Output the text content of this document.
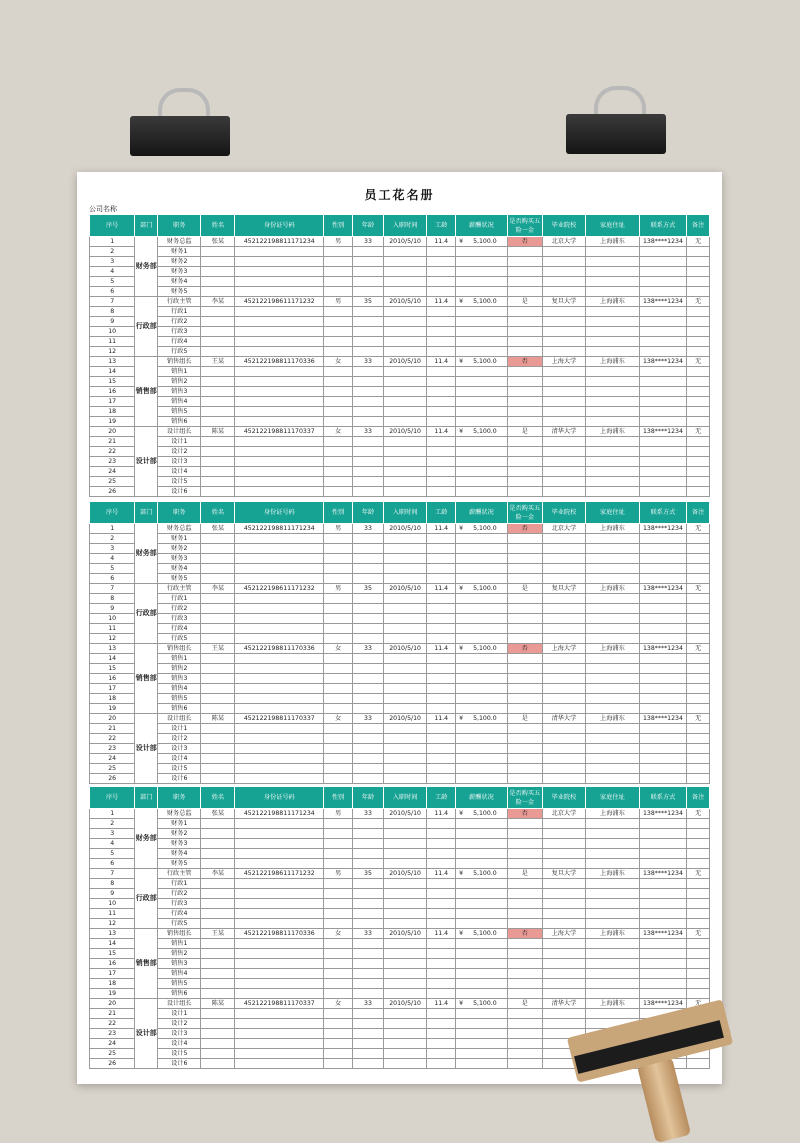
员工花名册
公司名称
序号	部门	职务	姓名	身份证号码	性别	年龄	入职时间	工龄	薪酬状况	是否购买五险一金	毕业院校	家庭住址	联系方式	备注
1	财务部	财务总监	张某	452122198811171234	男	33	2010/5/10	11.4	¥ 5,100.0	否	北京大学	上海浦东	138****1234	无
2		财务1												
3		财务2												
4		财务3												
5		财务4												
6		财务5												
7	行政部	行政主管	李某	452122198611171232	男	35	2010/5/10	11.4	¥ 5,100.0	是	复旦大学	上海浦东	138****1234	无
8		行政1												
9		行政2												
10		行政3												
11		行政4												
12		行政5												
13	销售部	销售组长	王某	452122198811170336	女	33	2010/5/10	11.4	¥ 5,100.0	否	上海大学	上海浦东	138****1234	无
14		销售1												
15		销售2												
16		销售3												
17		销售4												
18		销售5												
19		销售6												
20	设计部	设计组长	陈某	452122198811170337	女	33	2010/5/10	11.4	¥ 5,100.0	是	清华大学	上海浦东	138****1234	无
21		设计1												
22		设计2												
23		设计3												
24		设计4												
25		设计5												
26		设计6												
序号	部门	职务	姓名	身份证号码	性别	年龄	入职时间	工龄	薪酬状况	是否购买五险一金	毕业院校	家庭住址	联系方式	备注
1	财务部	财务总监	张某	452122198811171234	男	33	2010/5/10	11.4	¥ 5,100.0	否	北京大学	上海浦东	138****1234	无
2		财务1												
3		财务2												
4		财务3												
5		财务4												
6		财务5												
7	行政部	行政主管	李某	452122198611171232	男	35	2010/5/10	11.4	¥ 5,100.0	是	复旦大学	上海浦东	138****1234	无
8		行政1												
9		行政2												
10		行政3												
11		行政4												
12		行政5												
13	销售部	销售组长	王某	452122198811170336	女	33	2010/5/10	11.4	¥ 5,100.0	否	上海大学	上海浦东	138****1234	无
14		销售1												
15		销售2												
16		销售3												
17		销售4												
18		销售5												
19		销售6												
20	设计部	设计组长	陈某	452122198811170337	女	33	2010/5/10	11.4	¥ 5,100.0	是	清华大学	上海浦东	138****1234	无
21		设计1												
22		设计2												
23		设计3												
24		设计4												
25		设计5												
26		设计6												
序号	部门	职务	姓名	身份证号码	性别	年龄	入职时间	工龄	薪酬状况	是否购买五险一金	毕业院校	家庭住址	联系方式	备注
1	财务部	财务总监	张某	452122198811171234	男	33	2010/5/10	11.4	¥ 5,100.0	否	北京大学	上海浦东	138****1234	无
2		财务1												
3		财务2												
4		财务3												
5		财务4												
6		财务5												
7	行政部	行政主管	李某	452122198611171232	男	35	2010/5/10	11.4	¥ 5,100.0	是	复旦大学	上海浦东	138****1234	无
8		行政1												
9		行政2												
10		行政3												
11		行政4												
12		行政5												
13	销售部	销售组长	王某	452122198811170336	女	33	2010/5/10	11.4	¥ 5,100.0	否	上海大学	上海浦东	138****1234	无
14		销售1												
15		销售2												
16		销售3												
17		销售4												
18		销售5												
19		销售6												
20	设计部	设计组长	陈某	452122198811170337	女	33	2010/5/10	11.4	¥ 5,100.0	是	清华大学	上海浦东	138****1234	无
21		设计1												
22		设计2												
23		设计3												
24		设计4												
25		设计5												
26		设计6												
